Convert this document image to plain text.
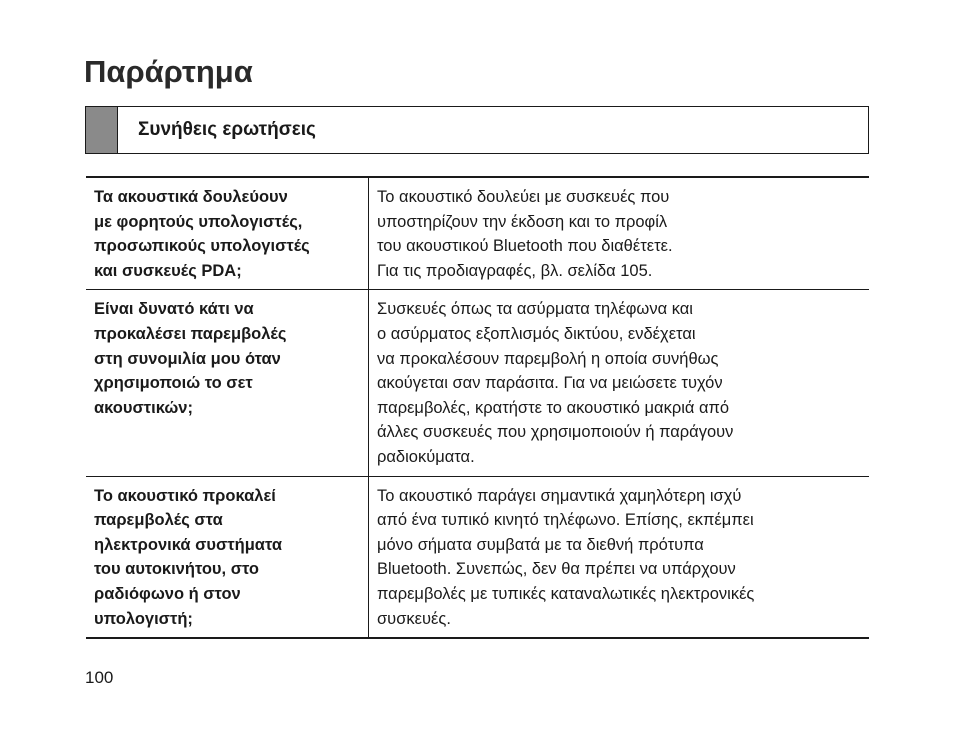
Παράρτημα
Συνήθεις ερωτήσεις
Τα ακουστικά δουλεύουν
με φορητούς υπολογιστές,
προσωπικούς υπολογιστές
και συσκευές PDA;
Το ακουστικό δουλεύει με συσκευές που
υποστηρίζουν την έκδοση και το προφίλ
του ακουστικού Bluetooth που διαθέτετε.
Για τις προδιαγραφές, βλ. σελίδα 105.
Είναι δυνατό κάτι να
προκαλέσει παρεμβολές
στη συνομιλία μου όταν
χρησιμοποιώ το σετ
ακουστικών;
Συσκευές όπως τα ασύρματα τηλέφωνα και
ο ασύρματος εξοπλισμός δικτύου, ενδέχεται
να προκαλέσουν παρεμβολή η οποία συνήθως
ακούγεται σαν παράσιτα. Για να μειώσετε τυχόν
παρεμβολές, κρατήστε το ακουστικό μακριά από
άλλες συσκευές που χρησιμοποιούν ή παράγουν
ραδιοκύματα.
Το ακουστικό προκαλεί
παρεμβολές στα
ηλεκτρονικά συστήματα
του αυτοκινήτου, στο
ραδιόφωνο ή στον
υπολογιστή;
Το ακουστικό παράγει σημαντικά χαμηλότερη ισχύ
από ένα τυπικό κινητό τηλέφωνο. Επίσης, εκπέμπει
μόνο σήματα συμβατά με τα διεθνή πρότυπα
Bluetooth. Συνεπώς, δεν θα πρέπει να υπάρχουν
παρεμβολές με τυπικές καταναλωτικές ηλεκτρονικές
συσκευές.
100
